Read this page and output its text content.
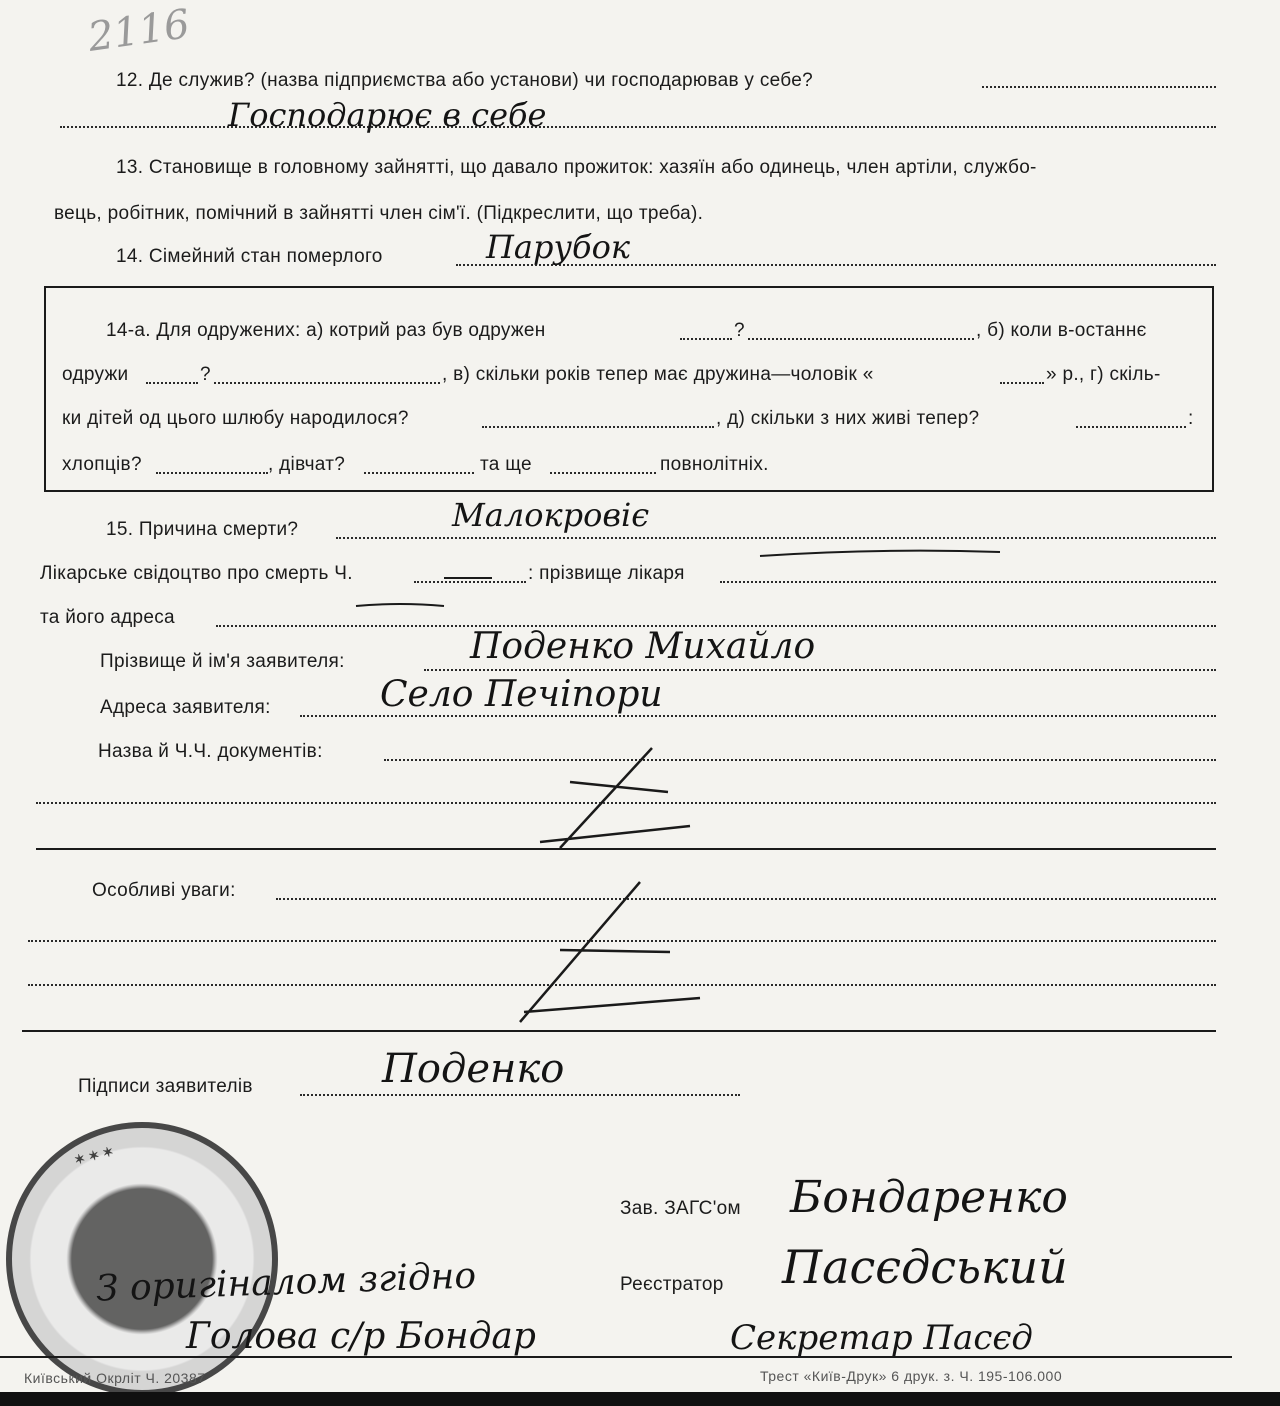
2116
12. Де служив? (назва підприємства або установи) чи господарював у себе?
Господарює в себе
13. Становище в головному зайнятті, що давало прожиток: хазяїн або одинець, член артіли, службо-
вець, робітник, помічний в зайнятті член сім'ї. (Підкреслити, що треба).
14. Сімейний стан померлого	Парубок
14-а. Для одружених: а) котрий раз був одружен	?	, б) коли в-останнє
одружи	?	, в) скільки років тепер має дружина—чоловік «	» р., г) скіль-
ки дітей од цього шлюбу народилося?	, д) скільки з них живі тепер?	:
хлопців?	, дівчат?	та ще	повнолітніх.
15. Причина смерти?	Малокровіє
Лікарське свідоцтво про смерть Ч.	: прізвище лікаря
та його адреса
Прізвище й ім'я заявителя:	Поденко Михайло
Адреса заявителя:	Село Печіпори
Назва й Ч.Ч. документів:
Особливі уваги:
Підписи заявителів	Поденко
✶ ✶ ✶
Зав. ЗАГС'ом Бондаренко
Реєстратор Пасєдський
З оригіналом згідно
Голова с/р Бондар	Секретар Пасєд
Київський Окрліт Ч. 20387	Трест «Київ-Друк» 6 друк. з. Ч. 195-106.000
